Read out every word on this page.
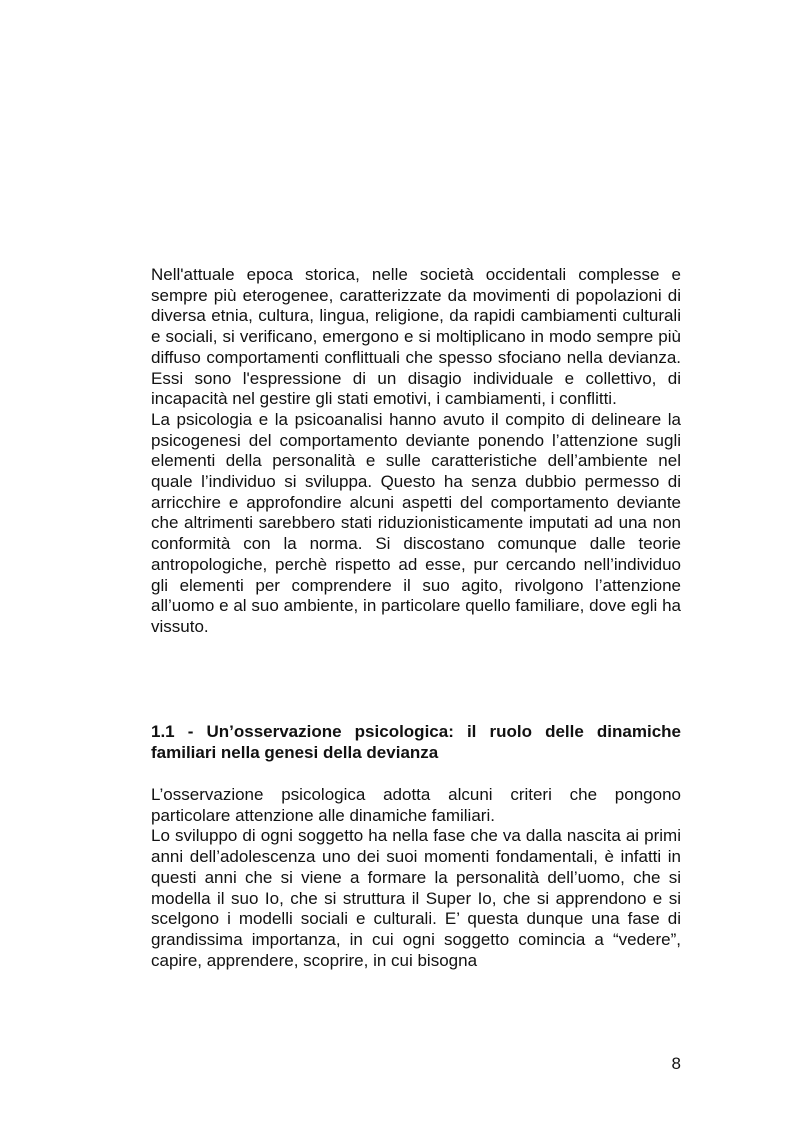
Nell'attuale epoca storica, nelle società occidentali complesse e sempre più eterogenee, caratterizzate da movimenti di popolazioni di diversa etnia, cultura, lingua, religione, da rapidi cambiamenti culturali e sociali, si verificano, emergono e si moltiplicano in modo sempre più diffuso comportamenti conflittuali che spesso sfociano nella devianza. Essi sono l'espressione di un disagio individuale e collettivo, di incapacità nel gestire gli stati emotivi, i cambiamenti, i conflitti.

La psicologia e la psicoanalisi hanno avuto il compito di delineare la psicogenesi del comportamento deviante ponendo l’attenzione sugli elementi della personalità e sulle caratteristiche dell’ambiente nel quale l’individuo si sviluppa. Questo ha senza dubbio permesso di arricchire e approfondire alcuni aspetti del comportamento deviante che altrimenti sarebbero stati riduzionisticamente imputati ad una non conformità con la norma. Si discostano comunque dalle teorie antropologiche, perchè rispetto ad esse, pur cercando nell’individuo gli elementi per comprendere il suo agito, rivolgono l’attenzione all’uomo e al suo ambiente, in particolare quello familiare, dove egli ha vissuto.

1.1 - Un’osservazione psicologica: il ruolo delle dinamiche familiari nella genesi della devianza

L’osservazione psicologica adotta alcuni criteri che pongono particolare attenzione alle dinamiche familiari.

Lo sviluppo di ogni soggetto ha nella fase che va dalla nascita ai primi anni dell’adolescenza uno dei suoi momenti fondamentali, è infatti in questi anni che si viene a formare la personalità dell’uomo, che si modella il suo Io, che si struttura il Super Io, che si apprendono e si scelgono i modelli sociali e culturali. E’ questa dunque una fase di grandissima importanza, in cui ogni soggetto comincia a “vedere”, capire, apprendere, scoprire, in cui bisogna

8
